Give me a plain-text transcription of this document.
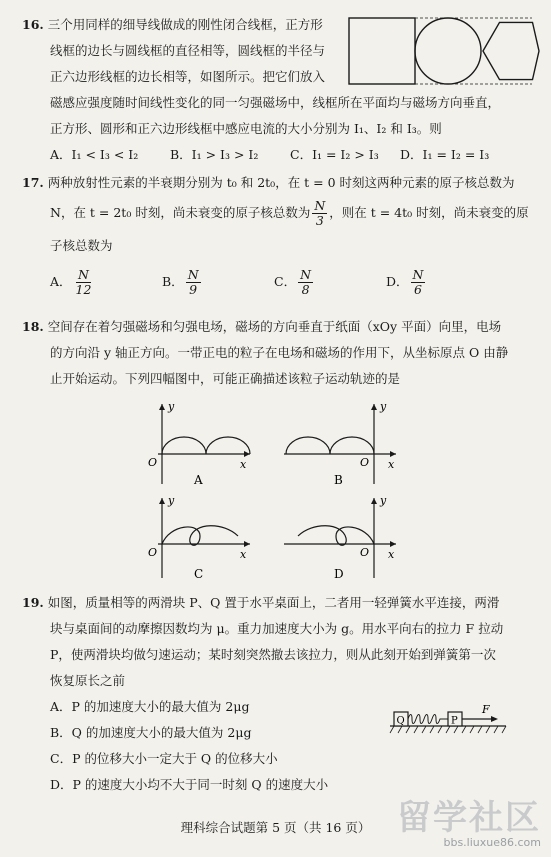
16. 三个用同样的细导线做成的刚性闭合线框，正方形
线框的边长与圆线框的直径相等，圆线框的半径与
正六边形线框的边长相等，如图所示。把它们放入
磁感应强度随时间线性变化的同一匀强磁场中，线框所在平面均与磁场方向垂直，
正方形、圆形和正六边形线框中感应电流的大小分别为 I₁、I₂ 和 I₃。则
A．I₁ < I₃ < I₂	B．I₁ > I₃ > I₂	C．I₁ = I₂ > I₃ D．I₁ = I₂ = I₃
17. 两种放射性元素的半衰期分别为 t₀ 和 2t₀，在 t = 0 时刻这两种元素的原子核总数为
N，在 t = 2t₀ 时刻，尚未衰变的原子核总数为 $\frac{N}{3}$ ，则在 t = 4t₀ 时刻，尚未衰变的原
子核总数为
A． $\frac{N}{12}$	B． $\frac{N}{9}$	C． $\frac{N}{8}$	D． $\frac{N}{6}$
18. 空间存在着匀强磁场和匀强电场，磁场的方向垂直于纸面（xOy 平面）向里，电场
的方向沿 y 轴正方向。一带正电的粒子在电场和磁场的作用下，从坐标原点 O 由静
止开始运动。下列四幅图中，可能正确描述该粒子运动轨迹的是
y
x
O
A
y
x
O
B
y
x
O
C
y
x
O
D
19. 如图，质量相等的两滑块 P、Q 置于水平桌面上，二者用一轻弹簧水平连接，两滑
块与桌面间的动摩擦因数均为 μ。重力加速度大小为 g。用水平向右的拉力 F 拉动
P，使两滑块均做匀速运动；某时刻突然撤去该拉力，则从此刻开始到弹簧第一次
恢复原长之前
A．P 的加速度大小的最大值为 2μg
B．Q 的加速度大小的最大值为 2μg
C．P 的位移大小一定大于 Q 的位移大小
D．P 的速度大小均不大于同一时刻 Q 的速度大小
Q	P
F
理科综合试题第 5 页（共 16 页） 留学社区
bbs.liuxue86.com
